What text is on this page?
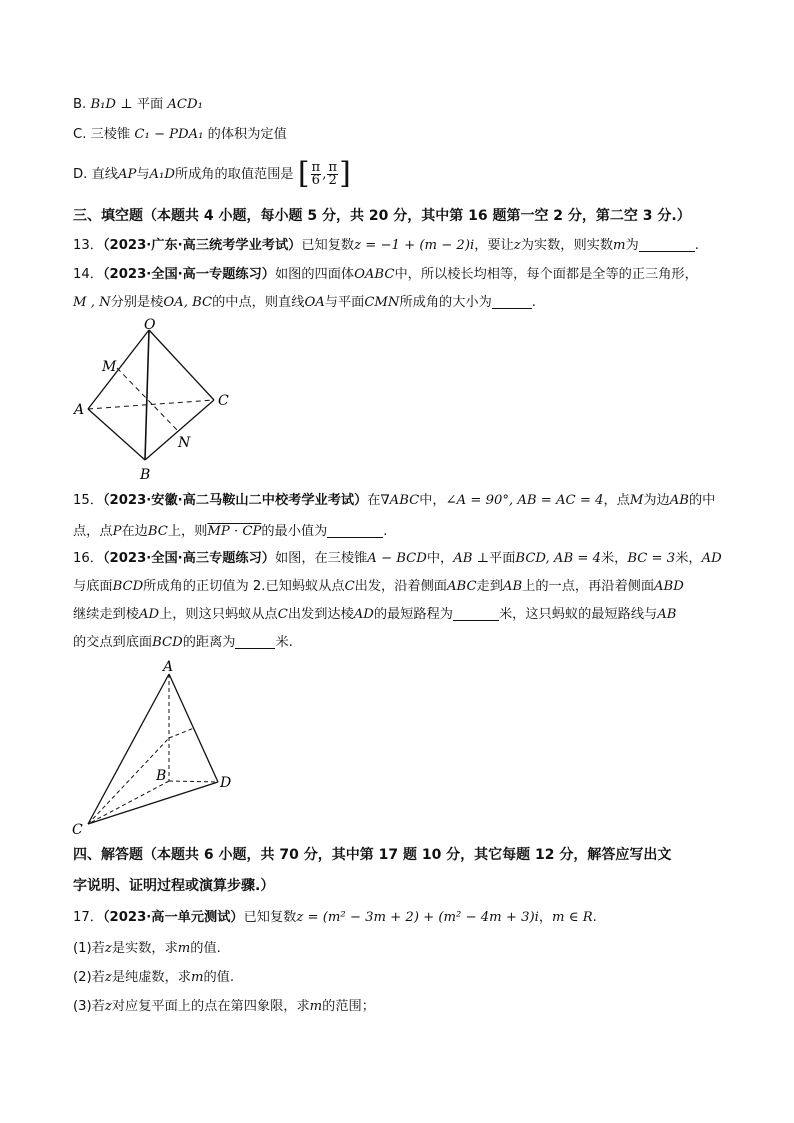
B. B₁D ⊥ 平面 ACD₁
C. 三棱锥 C₁ − PDA₁ 的体积为定值
D. 直线AP与A₁D所成角的取值范围是 [ $\frac{\pi}{6}$ , $\frac{\pi}{2}$ ]
三、填空题（本题共 4 小题，每小题 5 分，共 20 分，其中第 16 题第一空 2 分，第二空 3 分.）
13．（2023·广东·高三统考学业考试）已知复数z = −1 + (m − 2)i，要让z为实数，则实数m为	.
14．（2023·全国·高一专题练习）如图的四面体OABC中，所以棱长均相等，每个面都是全等的正三角形，
M , N分别是棱OA, BC的中点，则直线OA与平面CMN所成角的大小为	.
O
M
A
C
N
B
15．（2023·安徽·高二马鞍山二中校考学业考试）在∇ABC中，∠A = 90°, AB = AC = 4，点M为边AB的中
点，点P在边BC上，则MP · CP的最小值为	.
16．（2023·全国·高三专题练习）如图，在三棱锥A − BCD中，AB ⊥平面BCD, AB = 4米，BC = 3米，AD
与底面BCD所成角的正切值为 2.已知蚂蚁从点C出发，沿着侧面ABC走到AB上的一点，再沿着侧面ABD
继续走到棱AD上，则这只蚂蚁从点C出发到达棱AD的最短路程为	米，这只蚂蚁的最短路线与AB
的交点到底面BCD的距离为	米.
A
B	D
C
四、解答题（本题共 6 小题，共 70 分，其中第 17 题 10 分，其它每题 12 分，解答应写出文
字说明、证明过程或演算步骤.）
17．（2023·高一单元测试）已知复数z = (m² − 3m + 2) + (m² − 4m + 3)i，m ∈ R.
(1)若z是实数，求m的值.
(2)若z是纯虚数，求m的值.
(3)若z对应复平面上的点在第四象限，求m的范围；
